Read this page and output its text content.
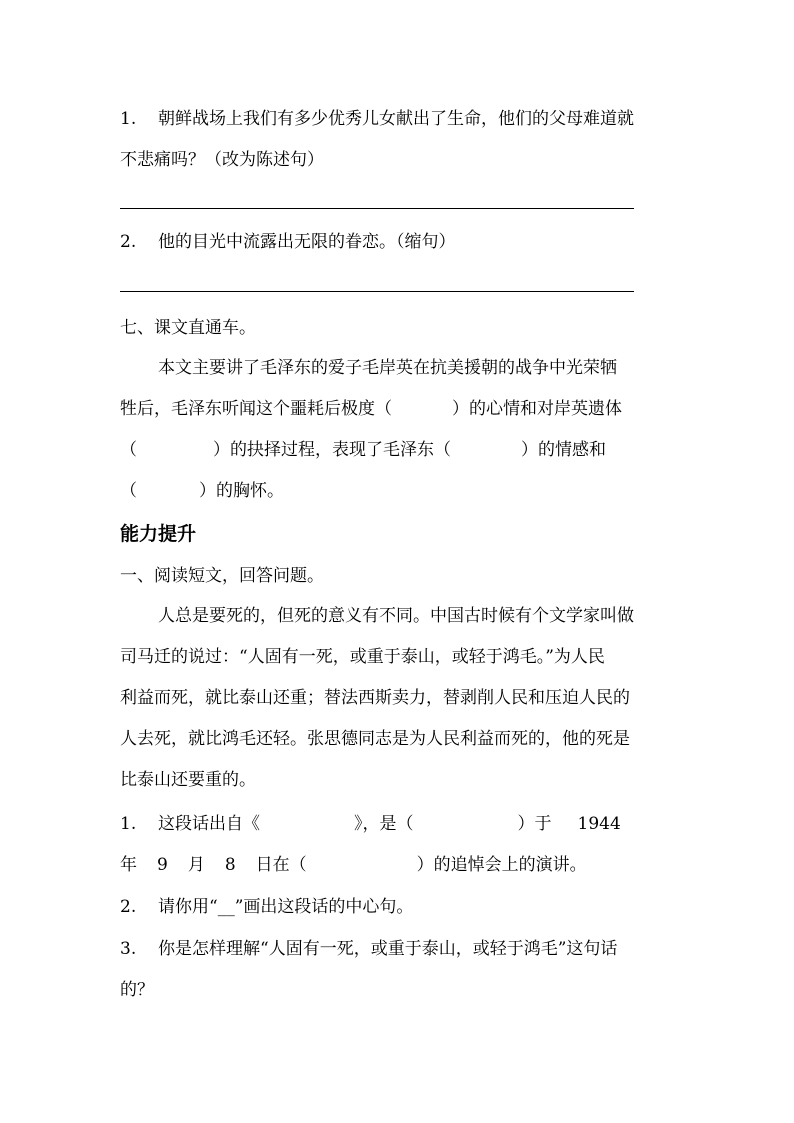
1. 朝鲜战场上我们有多少优秀儿女献出了生命，他们的父母难道就
不悲痛吗？（改为陈述句）
2. 他的目光中流露出无限的眷恋。（缩句）
七、课文直通车。
本文主要讲了毛泽东的爱子毛岸英在抗美援朝的战争中光荣牺
牲后，毛泽东听闻这个噩耗后极度（	）的心情和对岸英遗体
（	）的抉择过程，表现了毛泽东（	）的情感和
（	）的胸怀。
能力提升
一、阅读短文，回答问题。
人总是要死的，但死的意义有不同。中国古时候有个文学家叫做
司马迁的说过：“人固有一死，或重于泰山，或轻于鸿毛。”为人民
利益而死，就比泰山还重；替法西斯卖力，替剥削人民和压迫人民的
人去死，就比鸿毛还轻。张思德同志是为人民利益而死的，他的死是
比泰山还要重的。
1. 这段话出自《	》，是（	）于 1944
年 9 月 8 日在（	）的追悼会上的演讲。
2. 请你用“__”画出这段话的中心句。
3. 你是怎样理解“人固有一死，或重于泰山，或轻于鸿毛”这句话
的？
